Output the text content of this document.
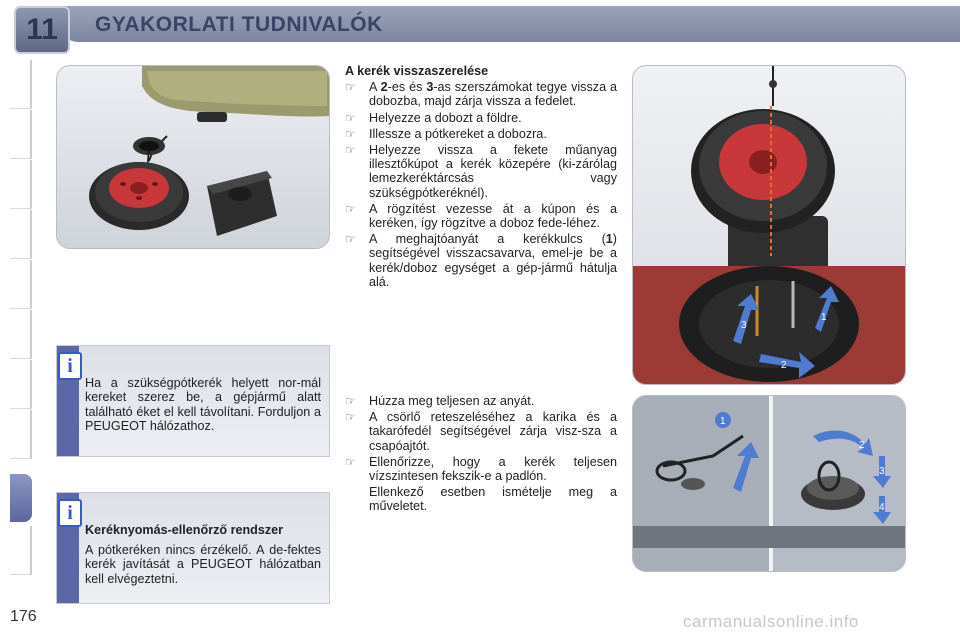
11	GYAKORLATI TUDNIVALÓK
3
1
2
1
2
3
4
A kerék visszaszerelése
☞ A 2-es és 3-as szerszámokat tegye vissza a dobozba, majd zárja vissza a fedelet.
☞ Helyezze a dobozt a földre.
☞ Illessze a pótkereket a dobozra.
☞ Helyezze vissza a fekete műanyag illesztőkúpot a kerék közepére (ki-zárólag lemezkeréktárcsás vagy szükségpótkeréknél).
☞ A rögzítést vezesse át a kúpon és a keréken, így rögzítve a doboz fede-léhez.
☞ A meghajtóanyát a kerékkulcs (1) segítségével visszacsavarva, emel-je be a kerék/doboz egységet a gép-jármű hátulja alá.
☞ Húzza meg teljesen az anyát.
☞ A csörlő reteszeléséhez a karika és a takarófedél segítségével zárja visz-sza a csapóajtót.
☞ Ellenőrizze, hogy a kerék teljesen vízszintesen fekszik-e a padlón.
Ellenkező esetben ismételje meg a műveletet.
i
Ha a szükségpótkerék helyett nor-mál kereket szerez be, a gépjármű alatt található éket el kell távolítani. Forduljon a PEUGEOT hálózathoz.
i
Keréknyomás-ellenőrző rendszer
A pótkeréken nincs érzékelő. A de-fektes kerék javítását a PEUGEOT hálózatban kell elvégeztetni.
176	carmanualsonline.info
